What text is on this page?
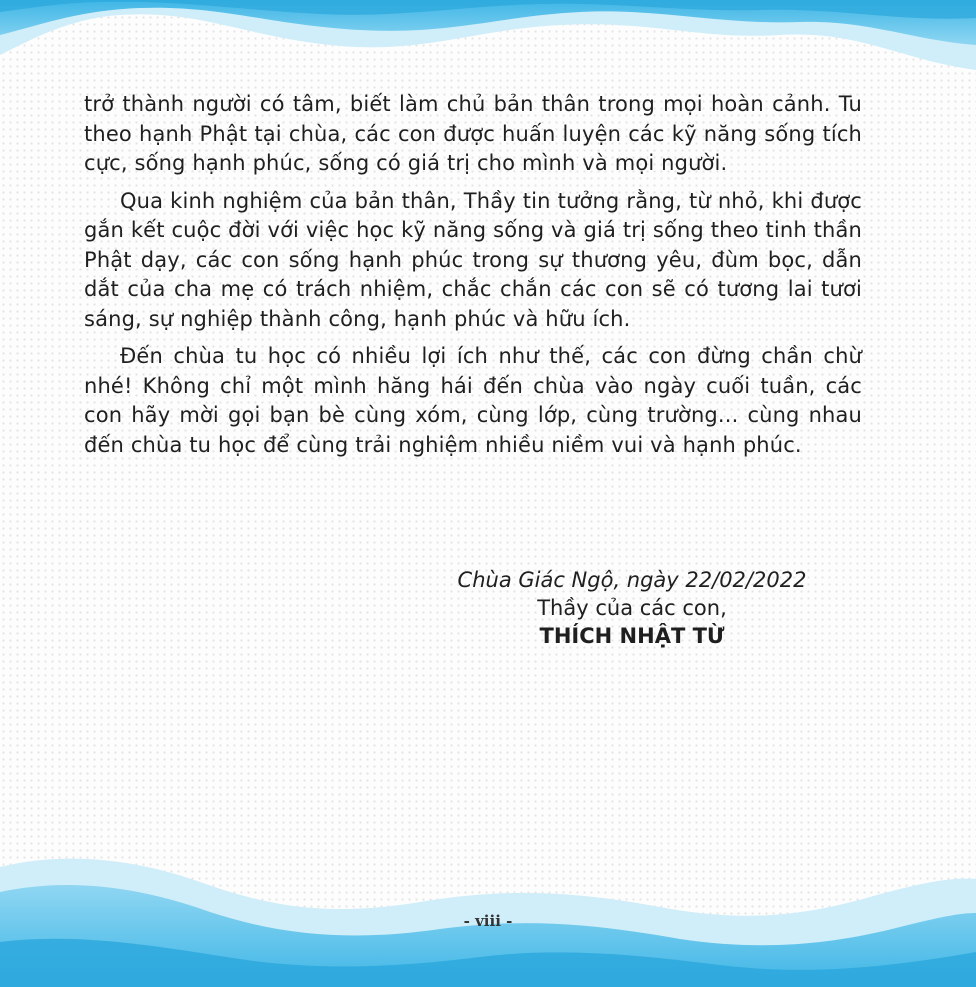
trở thành người có tâm, biết làm chủ bản thân trong mọi hoàn cảnh. Tu theo hạnh Phật tại chùa, các con được huấn luyện các kỹ năng sống tích cực, sống hạnh phúc, sống có giá trị cho mình và mọi người.

Qua kinh nghiệm của bản thân, Thầy tin tưởng rằng, từ nhỏ, khi được gắn kết cuộc đời với việc học kỹ năng sống và giá trị sống theo tinh thần Phật dạy, các con sống hạnh phúc trong sự thương yêu, đùm bọc, dẫn dắt của cha mẹ có trách nhiệm, chắc chắn các con sẽ có tương lai tươi sáng, sự nghiệp thành công, hạnh phúc và hữu ích.

Đến chùa tu học có nhiều lợi ích như thế, các con đừng chần chừ nhé! Không chỉ một mình hăng hái đến chùa vào ngày cuối tuần, các con hãy mời gọi bạn bè cùng xóm, cùng lớp, cùng trường... cùng nhau đến chùa tu học để cùng trải nghiệm nhiều niềm vui và hạnh phúc.

Chùa Giác Ngộ, ngày 22/02/2022
Thầy của các con,
THÍCH NHẬT TỪ
- viii -
